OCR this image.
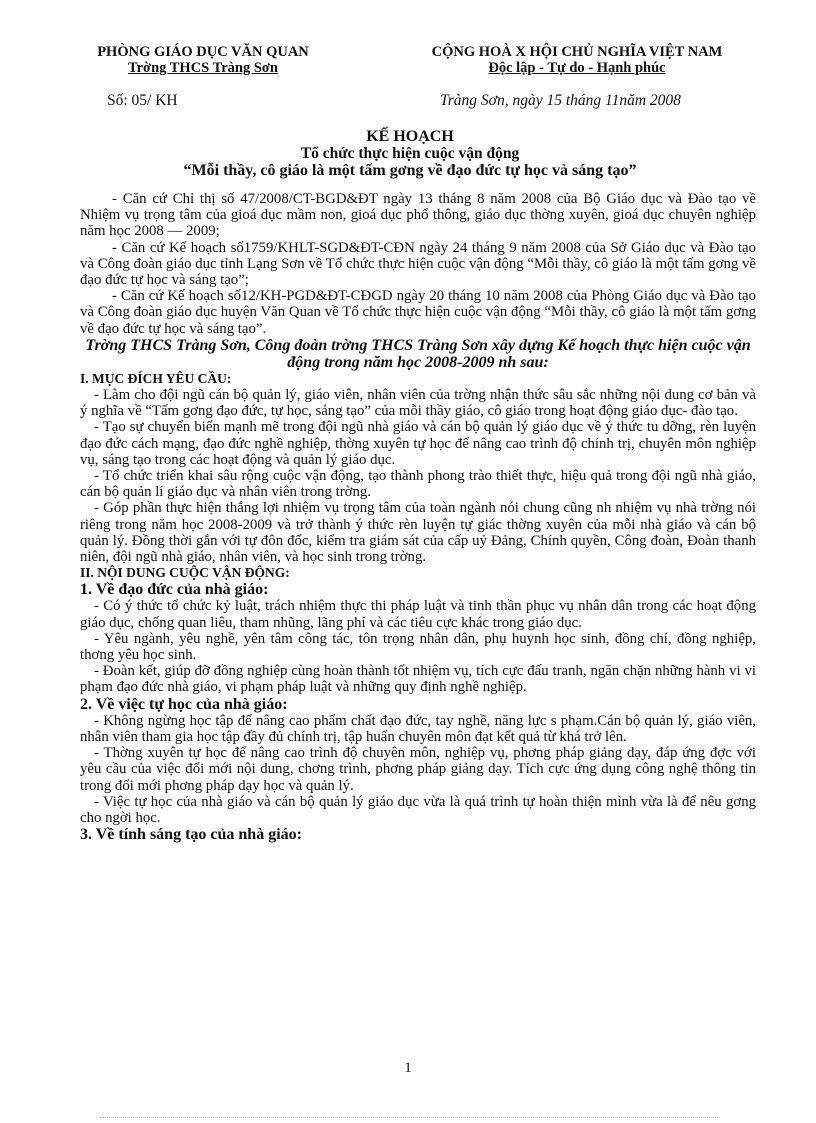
PHÒNG GIÁO DỤC VĂN QUAN
Trờng THCS Tràng Sơn
CỘNG HOÀ X HỘI CHỦ NGHĨA VIỆT NAM
Độc lập - Tự do - Hạnh phúc
Số: 05/ KH	Tràng Sơn, ngày 15 tháng 11năm 2008
KẾ HOẠCH
Tổ chức thực hiện cuộc vận động
“Mỗi thầy, cô giáo là một tấm gơng về đạo đức tự học và sáng tạo”

- Căn cứ Chỉ thị số 47/2008/CT-BGD&ĐT ngày 13 tháng 8 năm 2008 của Bộ Giáo dục và Đào tạo về Nhiệm vụ trọng tâm của gioá dục mầm non, gioá dục phổ thông, giáo dục thờng xuyên, gioá dục chuyên nghiệp năm học 2008 — 2009;

- Căn cứ Kế hoạch số1759/KHLT-SGD&ĐT-CĐN ngày 24 tháng 9 năm 2008 của Sở Giáo dục và Đào tạo và Công đoàn giáo dục tỉnh Lạng Sơn về Tổ chức thực hiện cuộc vận động “Mỗi thầy, cô giáo là một tấm gơng về đạo đức tự học và sáng tạo”;

- Căn cứ Kế hoạch số12/KH-PGD&ĐT-CĐGD ngày 20 tháng 10 năm 2008 của Phòng Giáo dục và Đào tạo và Công đoàn giáo dục huyện Văn Quan về Tổ chức thực hiện cuộc vận động “Mỗi thầy, cô giáo là một tấm gơng về đạo đức tự học và sáng tạo”.

Trờng THCS Tràng Sơn, Công đoàn trờng THCS Tràng Sơn xây dựng Kế hoạch thực hiện cuộc vận động trong năm học 2008-2009 nh sau:

I. MỤC ĐÍCH YÊU CẦU:

- Làm cho đội ngũ cán bộ quản lý, giáo viên, nhân viên của trờng nhận thức sâu sắc những nội dung cơ bản và ý nghĩa về “Tấm gơng đạo đức, tự học, sáng tạo” của mỗi thầy giáo, cô giáo trong hoạt động giáo dục- đào tạo.

- Tạo sự chuyển biến mạnh mẽ trong đội ngũ nhà giáo và cán bộ quản lý giáo dục về ý thức tu dỡng, rèn luyện đạo đức cách mạng, đạo đức nghề nghiệp, thờng xuyên tự học để nâng cao trình độ chính trị, chuyên môn nghiệp vụ, sáng tạo trong các hoạt động và quản lý giáo dục.

- Tổ chức triển khai sâu rộng cuộc vận động, tạo thành phong trào thiết thực, hiệu quả trong đội ngũ nhà giáo, cán bộ quản lí giáo dục và nhân viên trong trờng.

- Góp phần thực hiện thắng lợi nhiệm vụ trọng tâm của toàn ngành nói chung cũng nh nhiệm vụ nhà trờng nói riêng trong năm học 2008-2009 và trở thành ý thức rèn luyện tự giác thờng xuyên của mỗi nhà giáo và cán bộ quản lý. Đồng thời gắn với tự đôn đốc, kiểm tra giám sát của cấp uỷ Đảng, Chính quyền, Công đoàn, Đoàn thanh niên, đội ngũ nhà giáo, nhân viên, và học sinh trong trờng.

II. NỘI DUNG CUỘC VẬN ĐỘNG:

1. Về đạo đức của nhà giáo:

- Có ý thức tổ chức kỷ luật, trách nhiệm thực thi pháp luật và tinh thần phục vụ nhân dân trong các hoạt động giáo dục, chống quan liêu, tham nhũng, lãng phí và các tiêu cực khác trong giáo dục.

- Yêu ngành, yêu nghề, yên tâm công tác, tôn trọng nhân dân, phụ huynh học sinh, đồng chí, đồng nghiệp, thơng yêu học sinh.

- Đoàn kết, giúp đỡ đồng nghiệp cùng hoàn thành tốt nhiệm vụ, tích cực đấu tranh, ngăn chặn những hành vi vi phạm đạo đức nhà giáo, vi phạm pháp luật và những quy định nghề nghiệp.

2. Về việc tự học của nhà giáo:

- Không ngừng học tập để nâng cao phẩm chất đạo đức, tay nghề, năng lực s phạm.Cán bộ quản lý, giáo viên, nhân viên tham gia học tập đầy đủ chính trị, tập huấn chuyên môn đạt kết quả từ khá trở lên.

- Thờng xuyên tự học để nâng cao trình độ chuyên môn, nghiệp vụ, phơng pháp giảng dạy, đáp ứng đợc với yêu cầu của việc đổi mới nội dung, chơng trình, phơng pháp giảng dạy. Tích cực ứng dụng công nghệ thông tin trong đổi mới phơng pháp dạy học và quản lý.

- Việc tự học của nhà giáo và cán bộ quản lý giáo dục vừa là quá trình tự hoàn thiện mình vừa là để nêu gơng cho ngời học.

3. Về tính sáng tạo của nhà giáo:

1
